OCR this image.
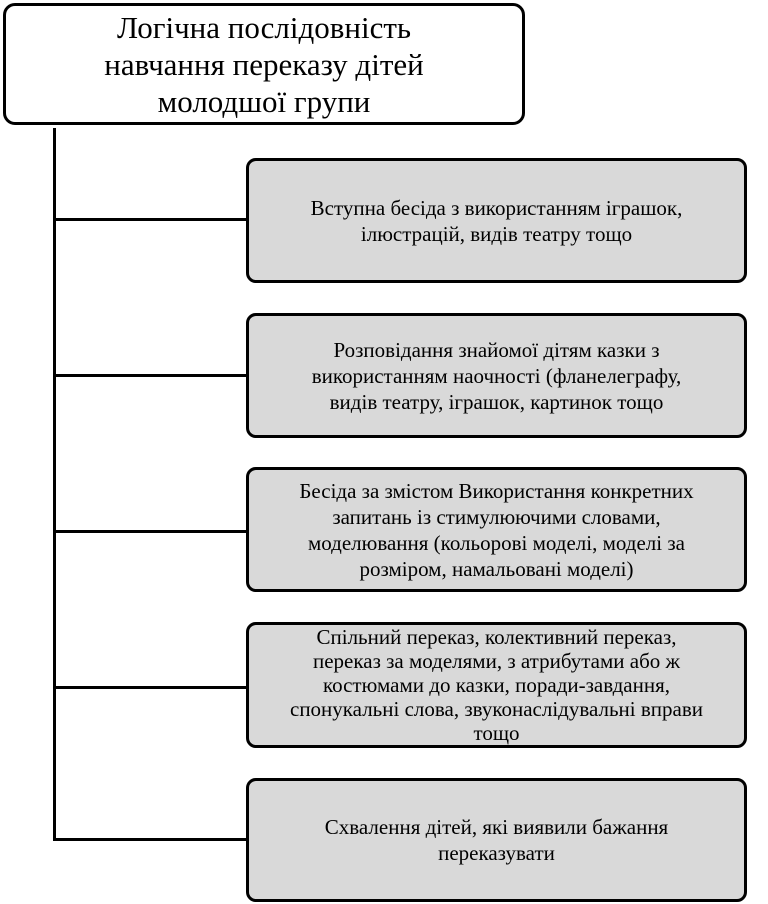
Логічна послідовність
навчання переказу дітей
молодшої групи
Вступна бесіда з використанням іграшок,
ілюстрацій, видів театру тощо
Розповідання знайомої дітям казки з
використанням наочності (фланелеграфу,
видів театру, іграшок, картинок тощо
Бесіда за змістом Використання конкретних
запитань із стимулюючими словами,
моделювання (кольорові моделі, моделі за
розміром, намальовані моделі)
Спільний переказ, колективний переказ,
переказ за моделями, з атрибутами або ж
костюмами до казки, поради-завдання,
спонукальні слова, звуконаслідувальні вправи
тощо
Схвалення дітей, які виявили бажання
переказувати
